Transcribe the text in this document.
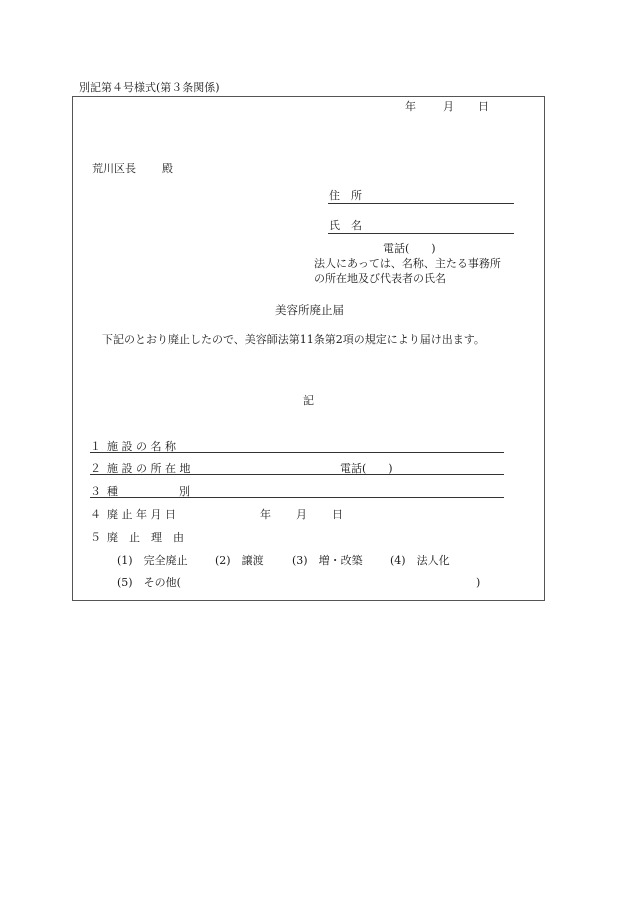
別記第４号様式(第３条関係)
年 月 日
荒川区長 殿
住　所
氏　名
電話(　　)
法人にあっては、名称、主たる事務所
の所在地及び代表者の氏名
美容所廃止届
下記のとおり廃止したので、美容師法第11条第2項の規定により届け出ます。
記
１ 施 設 の 名 称
２ 施 設 の 所 在 地	電話(　　)
３ 種	別
４ 廃 止 年 月 日	年 月 日
５ 廃　止　理　由
(1)　完全廃止 (2)　譲渡	(3)　増・改築 (4)　法人化
(5)　その他(	)
